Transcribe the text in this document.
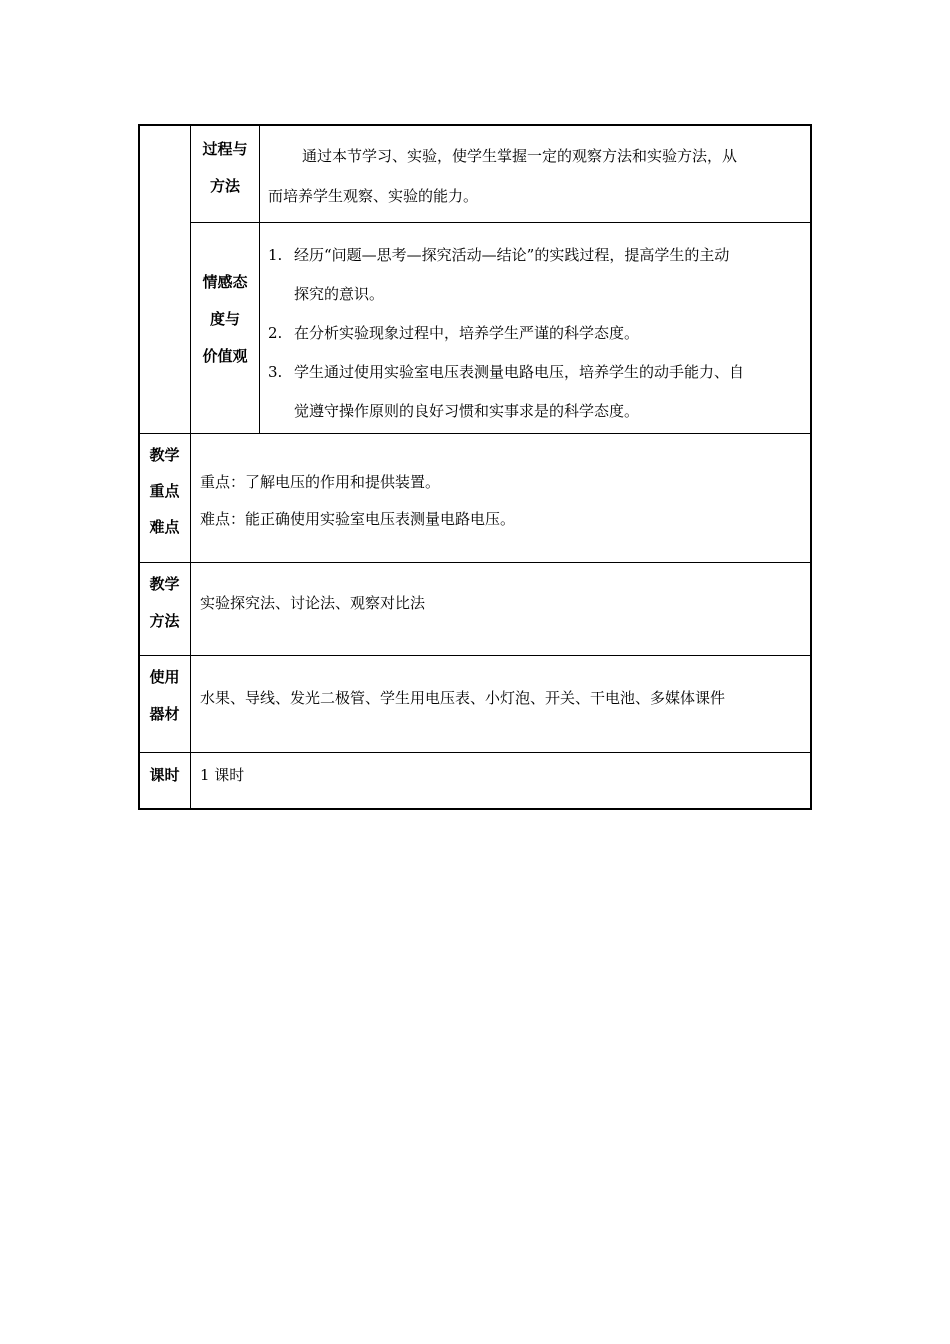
过程与
方法
通过本节学习、实验，使学生掌握一定的观察方法和实验方法，从
而培养学生观察、实验的能力。
情感态
度与
价值观
1. 经历“问题—思考—探究活动—结论”的实践过程，提高学生的主动
探究的意识。
2. 在分析实验现象过程中，培养学生严谨的科学态度。
3. 学生通过使用实验室电压表测量电路电压，培养学生的动手能力、自
觉遵守操作原则的良好习惯和实事求是的科学态度。
教学
重点
难点
重点：了解电压的作用和提供装置。
难点：能正确使用实验室电压表测量电路电压。
教学
方法
实验探究法、讨论法、观察对比法
使用
器材
水果、导线、发光二极管、学生用电压表、小灯泡、开关、干电池、多媒体课件
课时	1 课时
